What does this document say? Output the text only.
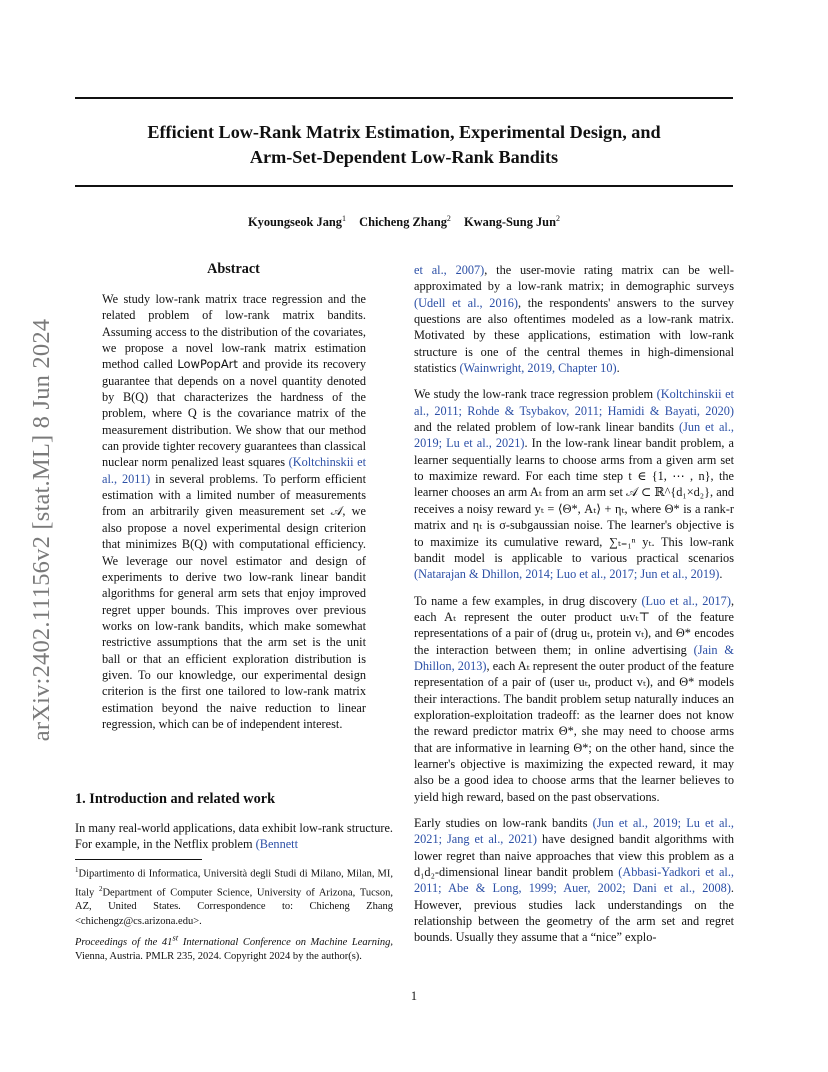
arXiv:2402.11156v2 [stat.ML] 8 Jun 2024
Efficient Low-Rank Matrix Estimation, Experimental Design, and
Arm-Set-Dependent Low-Rank Bandits
Kyoungseok Jang$^1$ Chicheng Zhang$^2$ Kwang-Sung Jun$^2$
Abstract
We study low-rank matrix trace regression and the related problem of low-rank matrix bandits. Assuming access to the distribution of the covariates, we propose a novel low-rank matrix estimation method called LowPopArt and provide its recovery guarantee that depends on a novel quantity denoted by B(Q) that characterizes the hardness of the problem, where Q is the covariance matrix of the measurement distribution. We show that our method can provide tighter recovery guarantees than classical nuclear norm penalized least squares (Koltchinskii et al., 2011) in several problems. To perform efficient estimation with a limited number of measurements from an arbitrarily given measurement set 𝒜, we also propose a novel experimental design criterion that minimizes B(Q) with computational efficiency. We leverage our novel estimator and design of experiments to derive two low-rank linear bandit algorithms for general arm sets that enjoy improved regret upper bounds. This improves over previous works on low-rank bandits, which make somewhat restrictive assumptions that the arm set is the unit ball or that an efficient exploration distribution is given. To our knowledge, our experimental design criterion is the first one tailored to low-rank matrix estimation beyond the naive reduction to linear regression, which can be of independent interest.
1. Introduction and related work
In many real-world applications, data exhibit low-rank structure. For example, in the Netflix problem (Bennett
$^1$Dipartimento di Informatica, Università degli Studi di Milano, Milan, MI, Italy $^2$Department of Computer Science, University of Arizona, Tucson, AZ, United States. Correspondence to: Chicheng Zhang <chichengz@cs.arizona.edu>.
Proceedings of the 41st International Conference on Machine Learning, Vienna, Austria. PMLR 235, 2024. Copyright 2024 by the author(s).

et al., 2007), the user-movie rating matrix can be well-approximated by a low-rank matrix; in demographic surveys (Udell et al., 2016), the respondents' answers to the survey questions are also oftentimes modeled as a low-rank matrix. Motivated by these applications, estimation with low-rank structure is one of the central themes in high-dimensional statistics (Wainwright, 2019, Chapter 10).

We study the low-rank trace regression problem (Koltchinskii et al., 2011; Rohde & Tsybakov, 2011; Hamidi & Bayati, 2020) and the related problem of low-rank linear bandits (Jun et al., 2019; Lu et al., 2021). In the low-rank linear bandit problem, a learner sequentially learns to choose arms from a given arm set to maximize reward. For each time step t ∈ {1, ⋯ , n}, the learner chooses an arm Aₜ from an arm set 𝒜 ⊂ ℝ^{d₁×d₂}, and receives a noisy reward yₜ = ⟨Θ*, Aₜ⟩ + ηₜ, where Θ* is a rank-r matrix and ηₜ is σ-subgaussian noise. The learner's objective is to maximize its cumulative reward, ∑ₜ₌₁ⁿ yₜ. This low-rank bandit model is applicable to various practical scenarios (Natarajan & Dhillon, 2014; Luo et al., 2017; Jun et al., 2019).

To name a few examples, in drug discovery (Luo et al., 2017), each Aₜ represent the outer product uₜvₜ⊤ of the feature representations of a pair of (drug uₜ, protein vₜ), and Θ* encodes the interaction between them; in online advertising (Jain & Dhillon, 2013), each Aₜ represent the outer product of the feature representation of a pair of (user uₜ, product vₜ), and Θ* models their interactions. The bandit problem setup naturally induces an exploration-exploitation tradeoff: as the learner does not know the reward predictor matrix Θ*, she may need to choose arms that are informative in learning Θ*; on the other hand, since the learner's objective is maximizing the expected reward, it may also be a good idea to choose arms that the learner believes to yield high reward, based on the past observations.

Early studies on low-rank bandits (Jun et al., 2019; Lu et al., 2021; Jang et al., 2021) have designed bandit algorithms with lower regret than naive approaches that view this problem as a d₁d₂-dimensional linear bandit problem (Abbasi-Yadkori et al., 2011; Abe & Long, 1999; Auer, 2002; Dani et al., 2008). However, previous studies lack understandings on the relationship between the geometry of the arm set and regret bounds. Usually they assume that a “nice” explo-

1
